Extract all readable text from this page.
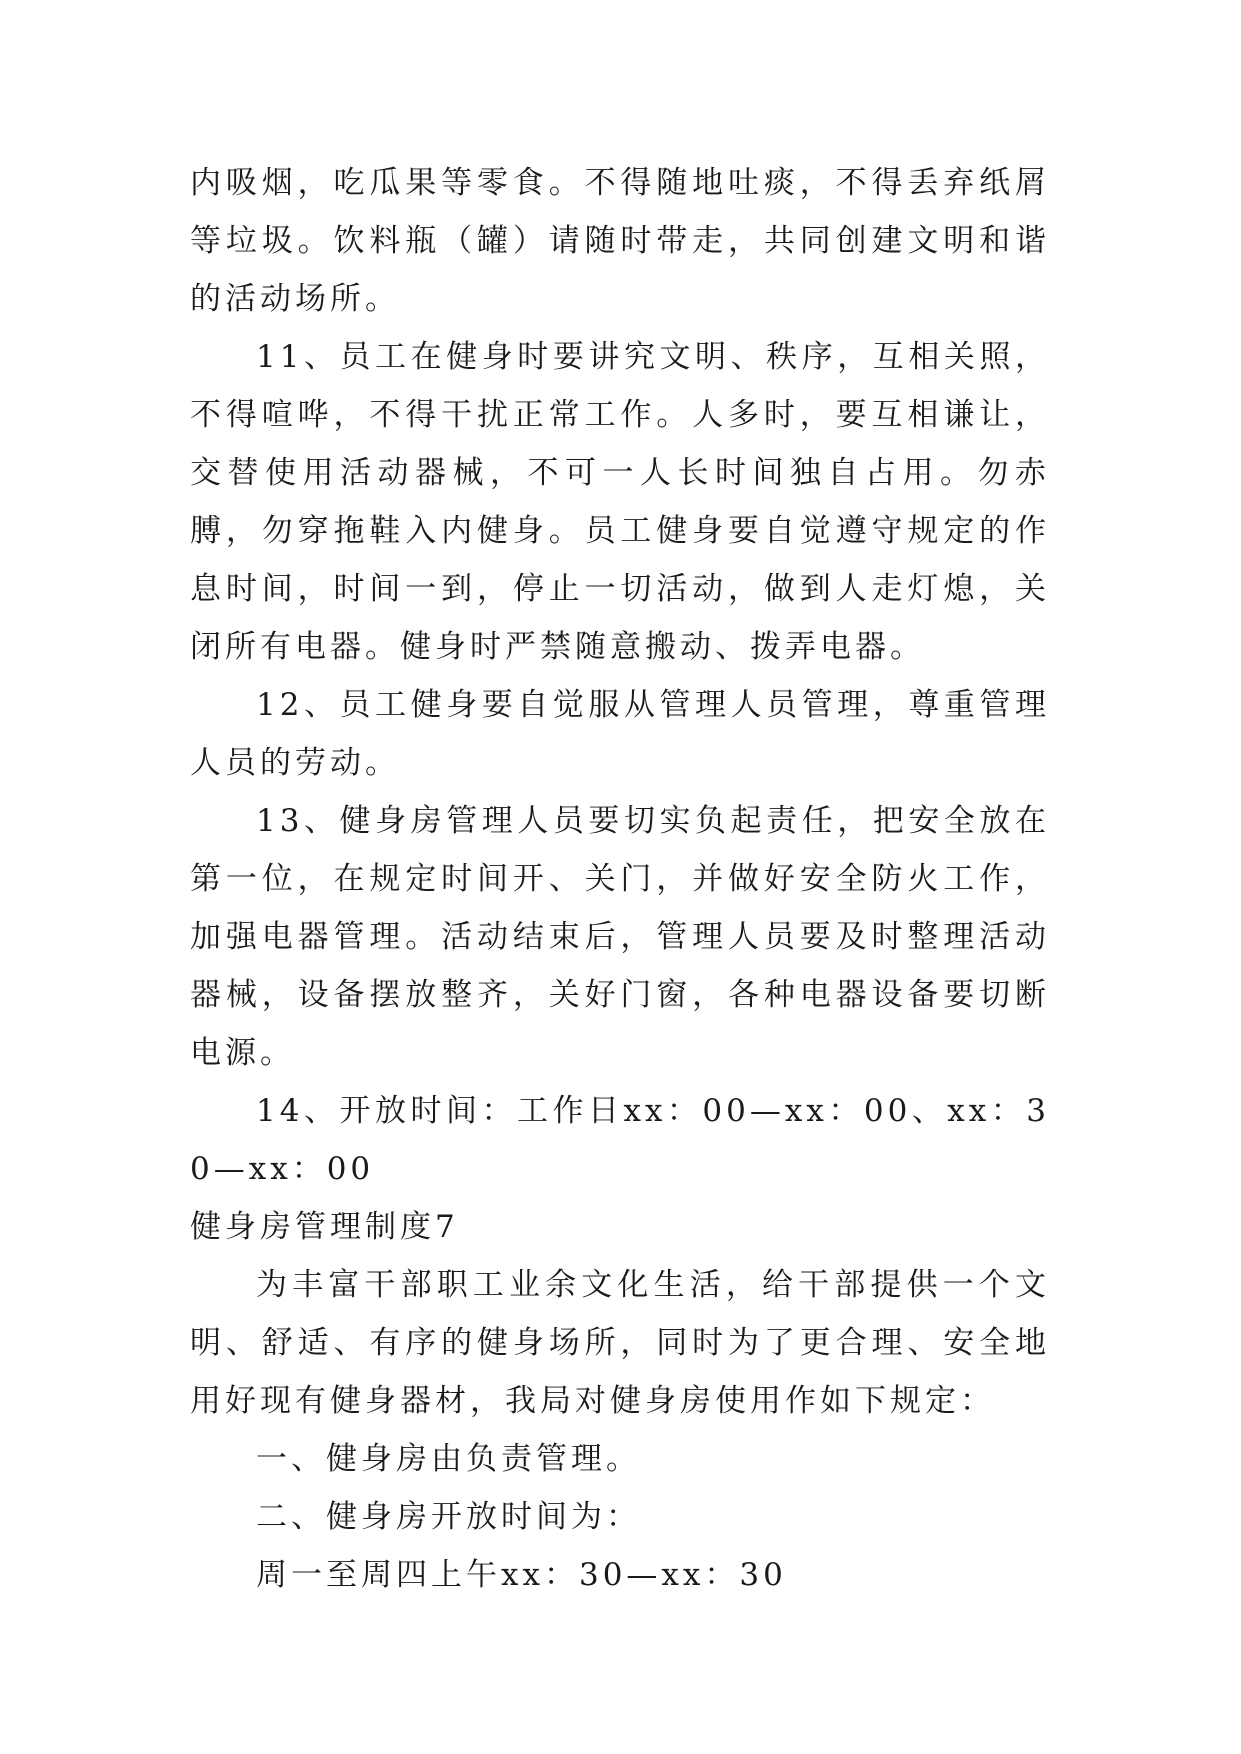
内吸烟，吃瓜果等零食。不得随地吐痰，不得丢弃纸屑等垃圾。饮料瓶（罐）请随时带走，共同创建文明和谐的活动场所。

11、员工在健身时要讲究文明、秩序，互相关照，不得喧哗，不得干扰正常工作。人多时，要互相谦让，交替使用活动器械，不可一人长时间独自占用。勿赤膊，勿穿拖鞋入内健身。员工健身要自觉遵守规定的作息时间，时间一到，停止一切活动，做到人走灯熄，关闭所有电器。健身时严禁随意搬动、拨弄电器。

12、员工健身要自觉服从管理人员管理，尊重管理人员的劳动。

13、健身房管理人员要切实负起责任，把安全放在第一位，在规定时间开、关门，并做好安全防火工作，加强电器管理。活动结束后，管理人员要及时整理活动器械，设备摆放整齐，关好门窗，各种电器设备要切断电源。

14、开放时间：工作日xx：00—xx：00、xx：30—xx：00

健身房管理制度7

为丰富干部职工业余文化生活，给干部提供一个文明、舒适、有序的健身场所，同时为了更合理、安全地用好现有健身器材，我局对健身房使用作如下规定：

一、健身房由负责管理。

二、健身房开放时间为：

周一至周四上午xx：30—xx：30
